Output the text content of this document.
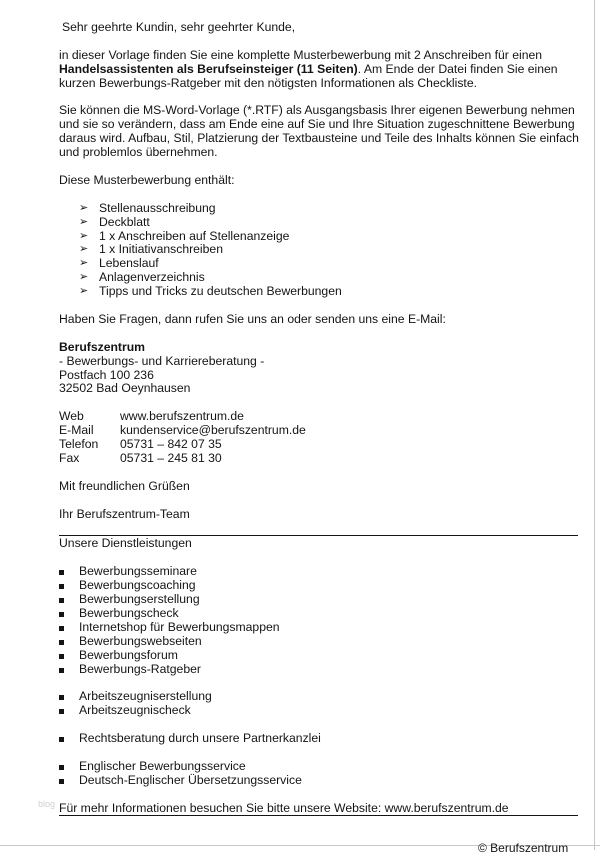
Sehr geehrte Kundin, sehr geehrter Kunde,
in dieser Vorlage finden Sie eine komplette Musterbewerbung mit 2 Anschreiben für einen
Handelsassistenten als Berufseinsteiger (11 Seiten). Am Ende der Datei finden Sie einen
kurzen Bewerbungs-Ratgeber mit den nötigsten Informationen als Checkliste.
Sie können die MS-Word-Vorlage (*.RTF) als Ausgangsbasis Ihrer eigenen Bewerbung nehmen
und sie so verändern, dass am Ende eine auf Sie und Ihre Situation zugeschnittene Bewerbung
daraus wird. Aufbau, Stil, Platzierung der Textbausteine und Teile des Inhalts können Sie einfach
und problemlos übernehmen.
Diese Musterbewerbung enthält:
➢ Stellenausschreibung
➢ Deckblatt
➢ 1 x Anschreiben auf Stellenanzeige
➢ 1 x Initiativanschreiben
➢ Lebenslauf
➢ Anlagenverzeichnis
➢ Tipps und Tricks zu deutschen Bewerbungen
Haben Sie Fragen, dann rufen Sie uns an oder senden uns eine E-Mail:
Berufszentrum
- Bewerbungs- und Karriereberatung -
Postfach 100 236
32502 Bad Oeynhausen
Web	www.berufszentrum.de
E-Mail kundenservice@berufszentrum.de
Telefon 05731 – 842 07 35
Fax	05731 – 245 81 30
Mit freundlichen Grüßen
Ihr Berufszentrum-Team
Unsere Dienstleistungen
Bewerbungsseminare
Bewerbungscoaching
Bewerbungserstellung
Bewerbungscheck
Internetshop für Bewerbungsmappen
Bewerbungswebseiten
Bewerbungsforum
Bewerbungs-Ratgeber
Arbeitszeugniserstellung
Arbeitszeugnischeck
Rechtsberatung durch unsere Partnerkanzlei
Englischer Bewerbungsservice
Deutsch-Englischer Übersetzungsservice
Für mehr Informationen besuchen Sie bitte unsere Website: www.berufszentrum.de
blog
© Berufszentrum
